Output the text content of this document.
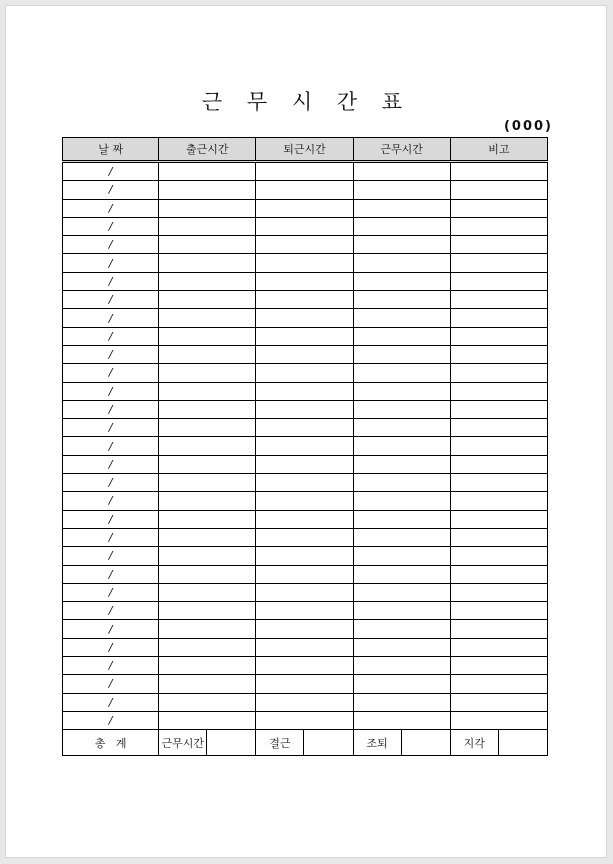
근 무 시 간 표
(000)
날 짜	출근시간		퇴근시간		근무시간		비고	
/								
/								
/								
/								
/								
/								
/								
/								
/								
/								
/								
/								
/								
/								
/								
/								
/								
/								
/								
/								
/								
/								
/								
/								
/								
/								
/								
/								
/								
/								
/								
총   계	근무시간		결근		조퇴		지각	
